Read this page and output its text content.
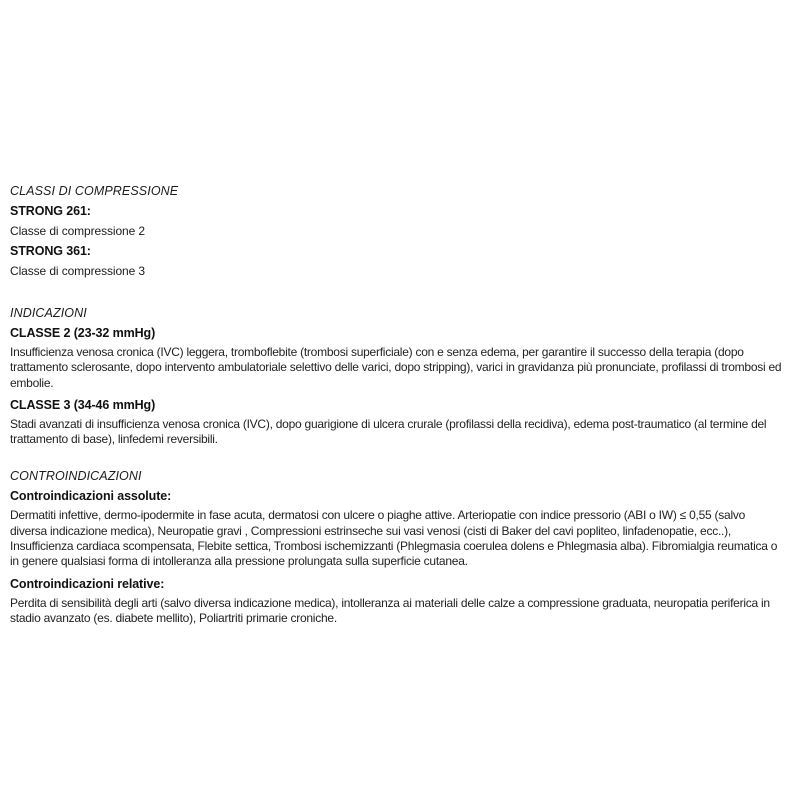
CLASSI DI COMPRESSIONE

STRONG 261:

Classe di compressione 2

STRONG 361:

Classe di compressione 3

INDICAZIONI

CLASSE 2 (23-32 mmHg)

Insufficienza venosa cronica (IVC) leggera, tromboflebite (trombosi superficiale) con e senza edema, per garantire il successo della terapia (dopo trattamento sclerosante, dopo intervento ambulatoriale selettivo delle varici, dopo stripping), varici in gravidanza più pronunciate, profilassi di trombosi ed embolie.

CLASSE 3 (34-46 mmHg)

Stadi avanzati di insufficienza venosa cronica (IVC), dopo guarigione di ulcera crurale (profilassi della recidiva), edema post-traumatico (al termine del trattamento di base), linfedemi reversibili.

CONTROINDICAZIONI

Controindicazioni assolute:

Dermatiti infettive, dermo-ipodermite in fase acuta, dermatosi con ulcere o piaghe attive. Arteriopatie con indice pressorio (ABI o IW) ≤ 0,55 (salvo diversa indicazione medica), Neuropatie gravi , Compressioni estrinseche sui vasi venosi (cisti di Baker del cavi popliteo, linfadenopatie, ecc..), Insufficienza cardiaca scompensata, Flebite settica, Trombosi ischemizzanti (Phlegmasia coerulea dolens e Phlegmasia alba). Fibromialgia reumatica o in genere qualsiasi forma di intolleranza alla pressione prolungata sulla superficie cutanea.

Controindicazioni relative:

Perdita di sensibilità degli arti (salvo diversa indicazione medica), intolleranza ai materiali delle calze a compressione graduata, neuropatia periferica in stadio avanzato (es. diabete mellito), Poliartriti primarie croniche.
